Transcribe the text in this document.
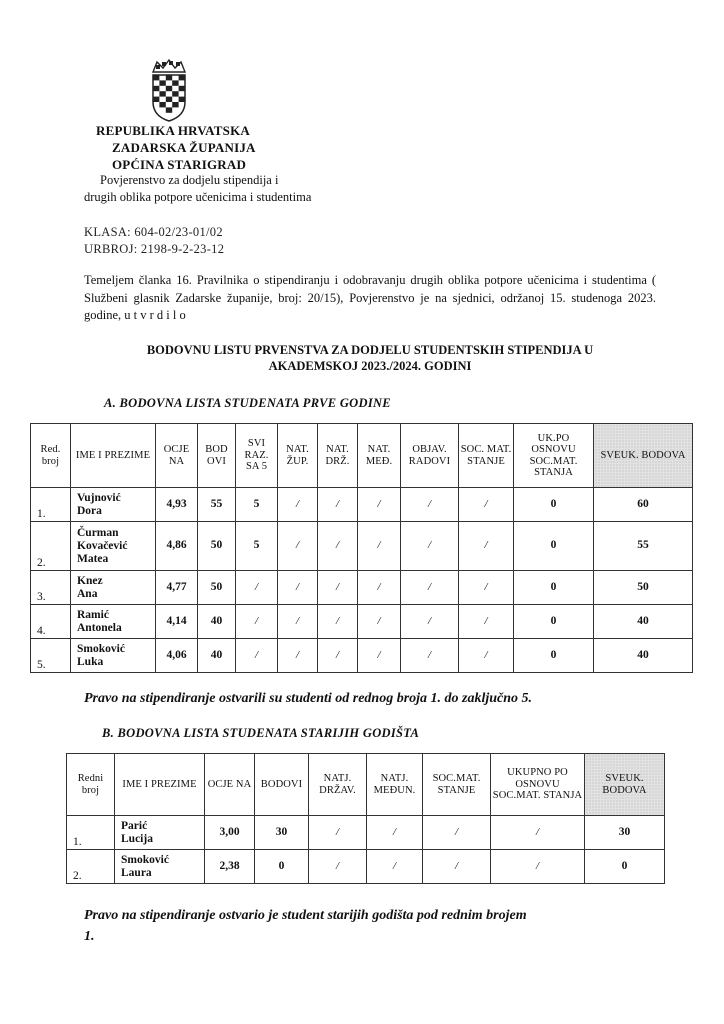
REPUBLIKA HRVATSKA
ZADARSKA ŽUPANIJA
OPĆINA STARIGRAD
Povjerenstvo za dodjelu stipendija i
drugih oblika potpore učenicima i studentima
KLASA: 604-02/23-01/02
URBROJ: 2198-9-2-23-12
Temeljem članka 16. Pravilnika o stipendiranju i odobravanju drugih oblika potpore učenicima i studentima ( Službeni glasnik Zadarske županije, broj: 20/15), Povjerenstvo je na sjednici, održanoj 15. studenoga 2023. godine, u t v r d i l o
BODOVNU LISTU PRVENSTVA ZA DODJELU STUDENTSKIH STIPENDIJA U
AKADEMSKOJ 2023./2024. GODINI
A. BODOVNA LISTA STUDENATA PRVE GODINE
Red. broj	IME I PREZIME	OCJE NA	BOD OVI	SVI RAZ. SA 5	NAT. ŽUP.	NAT. DRŽ.	NAT. MEĐ.	OBJAV. RADOVI	SOC. MAT. STANJE	UK.PO OSNOVU SOC.MAT. STANJA	SVEUK. BODOVA
1.	Vujnović
Dora	4,93	55	5	/	/	/	/	/	0	60
2.	Čurman
Kovačević
Matea	4,86	50	5	/	/	/	/	/	0	55
3.	Knez
Ana	4,77	50	/	/	/	/	/	/	0	50
4.	Ramić
Antonela	4,14	40	/	/	/	/	/	/	0	40
5.	Smoković
Luka	4,06	40	/	/	/	/	/	/	0	40
Pravo na stipendiranje ostvarili su studenti od rednog broja 1. do zaključno 5.
B. BODOVNA LISTA STUDENATA STARIJIH GODIŠTA
Redni broj	IME I PREZIME	OCJE NA	BODOVI	NATJ. DRŽAV.	NATJ. MEĐUN.	SOC.MAT. STANJE	UKUPNO PO OSNOVU SOC.MAT. STANJA	SVEUK. BODOVA
1.	Parić
Lucija	3,00	30	/	/	/	/	30
2.	Smoković
Laura	2,38	0	/	/	/	/	0
Pravo na stipendiranje ostvario je student starijih godišta pod rednim brojem
1.
